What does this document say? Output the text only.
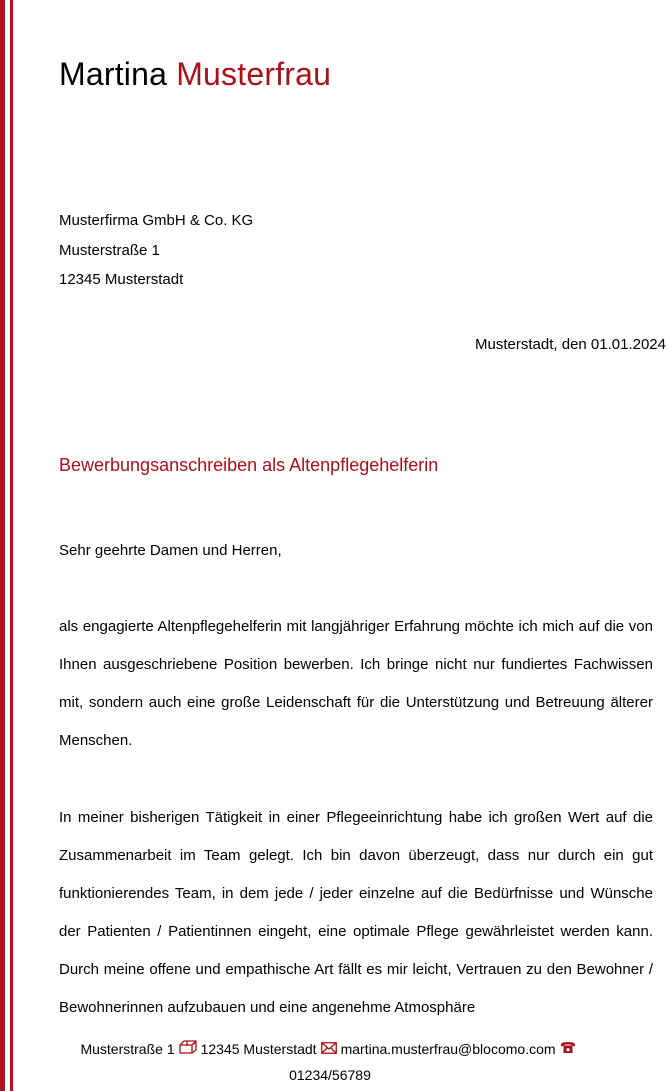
Martina Musterfrau
Musterfirma GmbH & Co. KG
Musterstraße 1
12345 Musterstadt
Musterstadt, den 01.01.2024
Bewerbungsanschreiben als Altenpflegehelferin

Sehr geehrte Damen und Herren,

als engagierte Altenpflegehelferin mit langjähriger Erfahrung möchte ich mich auf die von Ihnen ausgeschriebene Position bewerben. Ich bringe nicht nur fundiertes Fachwissen mit, sondern auch eine große Leidenschaft für die Unterstützung und Betreuung älterer Menschen.

In meiner bisherigen Tätigkeit in einer Pflegeeinrichtung habe ich großen Wert auf die Zusammenarbeit im Team gelegt. Ich bin davon überzeugt, dass nur durch ein gut funktionierendes Team, in dem jede / jeder einzelne auf die Bedürfnisse und Wünsche der Patienten / Patientinnen eingeht, eine optimale Pflege gewährleistet werden kann. Durch meine offene und empathische Art fällt es mir leicht, Vertrauen zu den Bewohner / Bewohnerinnen aufzubauen und eine angenehme Atmosphäre

Musterstraße 1 12345 Musterstadt martina.musterfrau@blocomo.com
01234/56789
